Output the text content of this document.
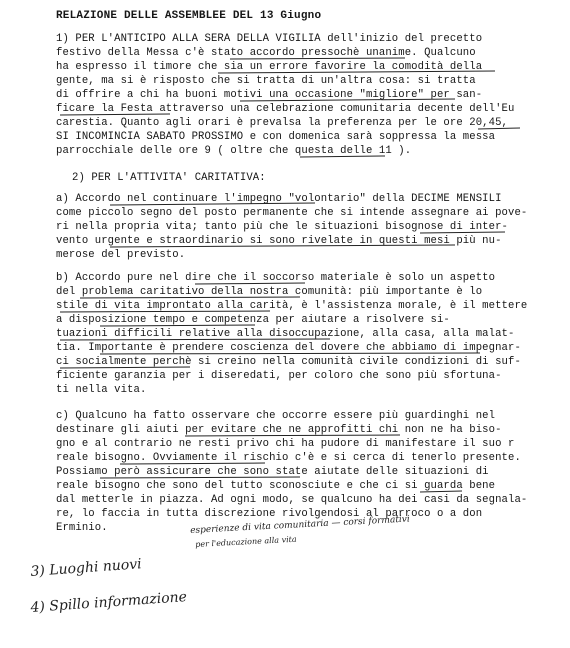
RELAZIONE DELLE ASSEMBLEE DEL 13 Giugno
1) PER L'ANTICIPO ALLA SERA DELLA VIGILIA dell'inizio del precetto
festivo della Messa c'è stato accordo pressochè unanime. Qualcuno
ha espresso il timore che sia un errore favorire la comodità della
gente, ma si è risposto che si tratta di un'altra cosa: si tratta
di offrire a chi ha buoni motivi una occasione "migliore" per san-
ficare la Festa attraverso una celebrazione comunitaria decente dell'Eu
carestia. Quanto agli orari è prevalsa la preferenza per le ore 20,45,
SI INCOMINCIA SABATO PROSSIMO e con domenica sarà soppressa la messa
parrocchiale delle ore 9 ( oltre che questa delle 11 ).
2) PER L'ATTIVITA' CARITATIVA:
a) Accordo nel continuare l'impegno "volontario" della DECIME MENSILI
come piccolo segno del posto permanente che si intende assegnare ai pove-
ri nella propria vita; tanto più che le situazioni bisognose di inter-
vento urgente e straordinario si sono rivelate in questi mesi più nu-
merose del previsto.
b) Accordo pure nel dire che il soccorso materiale è solo un aspetto
del problema caritativo della nostra comunità: più importante è lo
stile di vita improntato alla carità, è l'assistenza morale, è il mettere
a disposizione tempo e competenza per aiutare a risolvere si-
tuazioni difficili relative alla disoccupazione, alla casa, alla malat-
tia. Importante è prendere coscienza del dovere che abbiamo di impegnar-
ci socialmente perchè si creino nella comunità civile condizioni di suf-
ficiente garanzia per i diseredati, per coloro che sono più sfortuna-
ti nella vita.
c) Qualcuno ha fatto osservare che occorre essere più guardinghi nel
destinare gli aiuti per evitare che ne approfitti chi non ne ha biso-
gno e al contrario ne resti privo chi ha pudore di manifestare il suo r
reale bisogno. Ovviamente il rischio c'è e si cerca di tenerlo presente.
Possiamo però assicurare che sono state aiutate delle situazioni di
reale bisogno che sono del tutto sconosciute e che ci si guarda bene
dal metterle in piazza. Ad ogni modo, se qualcuno ha dei casi da segnala-
re, lo faccia in tutta discrezione rivolgendosi al parroco o a don
Erminio.	esperienze di vita comunitaria — corsi formativi
per l'educazione alla vita
3) Luoghi nuovi
4) Spillo informazione
